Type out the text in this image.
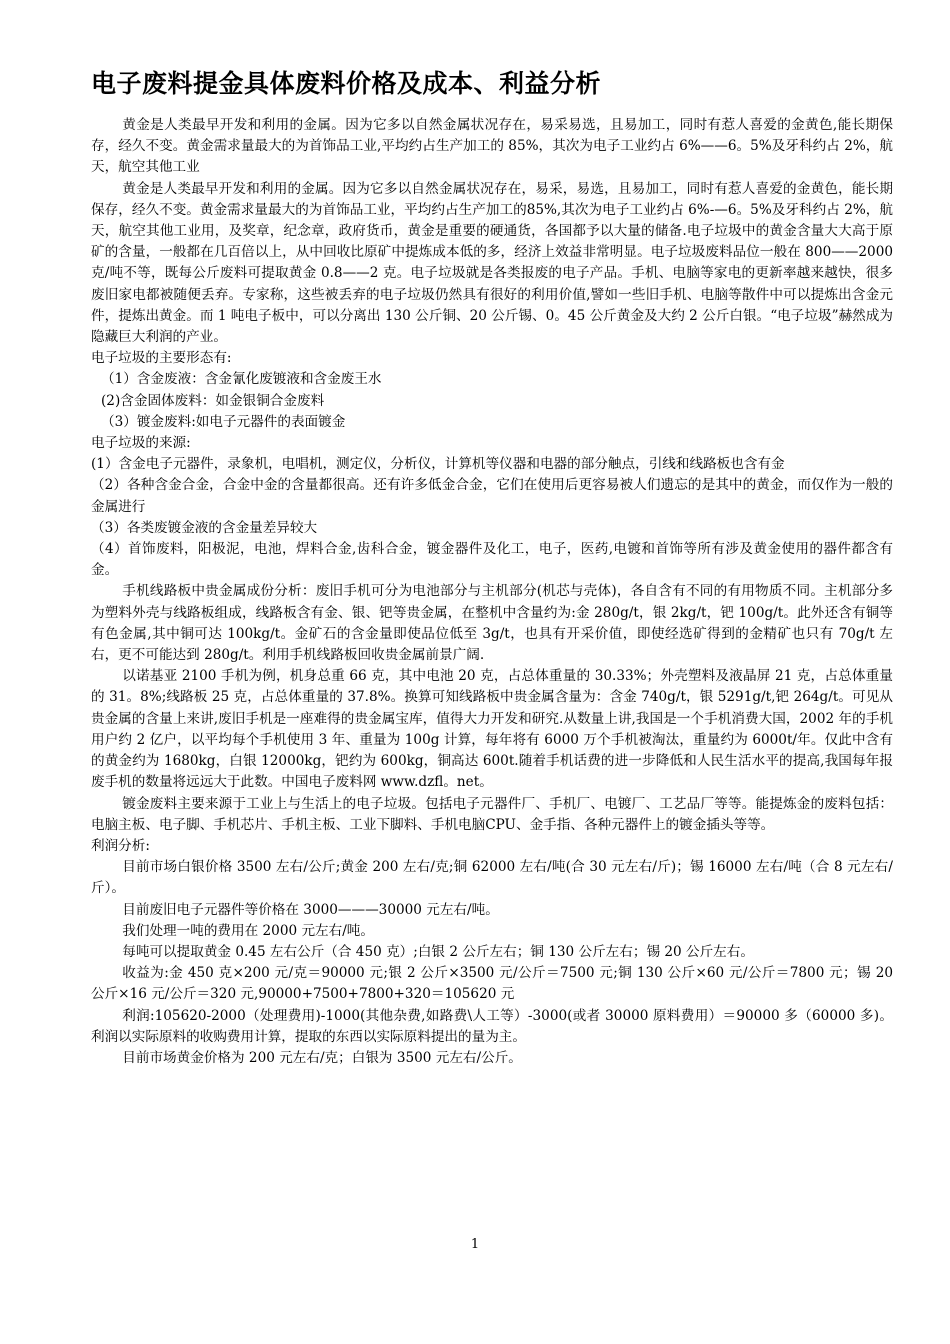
电子废料提金具体废料价格及成本、利益分析

黄金是人类最早开发和利用的金属。因为它多以自然金属状况存在，易采易选，且易加工，同时有惹人喜爱的金黄色,能长期保存，经久不变。黄金需求量最大的为首饰品工业,平均约占生产加工的 85%，其次为电子工业约占 6%——6。5%及牙科约占 2%，航天，航空其他工业

黄金是人类最早开发和利用的金属。因为它多以自然金属状况存在，易采，易选，且易加工，同时有惹人喜爱的金黄色，能长期保存，经久不变。黄金需求量最大的为首饰品工业，平均约占生产加工的85%,其次为电子工业约占 6%-—6。5%及牙科约占 2%，航天，航空其他工业用，及奖章，纪念章，政府货币，黄金是重要的硬通货，各国都予以大量的储备.电子垃圾中的黄金含量大大高于原矿的含量，一般都在几百倍以上，从中回收比原矿中提炼成本低的多，经济上效益非常明显。电子垃圾废料品位一般在 800——2000 克/吨不等，既每公斤废料可提取黄金 0.8——2 克。电子垃圾就是各类报废的电子产品。手机、电脑等家电的更新率越来越快，很多废旧家电都被随便丢弃。专家称，这些被丢弃的电子垃圾仍然具有很好的利用价值,譬如一些旧手机、电脑等散件中可以提炼出含金元件，提炼出黄金。而 1 吨电子板中，可以分离出 130 公斤铜、20 公斤锡、0。45 公斤黄金及大约 2 公斤白银。“电子垃圾”赫然成为隐藏巨大利润的产业。

电子垃圾的主要形态有:

（1）含金废液：含金氰化废镀液和含金废王水

(2)含金固体废料：如金银铜合金废料

（3）镀金废料:如电子元器件的表面镀金

电子垃圾的来源:

(1）含金电子元器件，录象机，电唱机，测定仪，分析仪，计算机等仪器和电器的部分触点，引线和线路板也含有金

（2）各种含金合金，合金中金的含量都很高。还有许多低金合金，它们在使用后更容易被人们遗忘的是其中的黄金，而仅作为一般的金属进行

（3）各类废镀金液的含金量差异较大

（4）首饰废料，阳极泥，电池，焊料合金,齿科合金，镀金器件及化工，电子，医药,电镀和首饰等所有涉及黄金使用的器件都含有金。

手机线路板中贵金属成份分析：废旧手机可分为电池部分与主机部分(机芯与壳体)，各自含有不同的有用物质不同。主机部分多为塑料外壳与线路板组成，线路板含有金、银、钯等贵金属，在整机中含量约为:金 280g/t，银 2kg/t，钯 100g/t。此外还含有铜等有色金属,其中铜可达 100kg/t。金矿石的含金量即使品位低至 3g/t，也具有开采价值，即使经选矿得到的金精矿也只有 70g/t 左右，更不可能达到 280g/t。利用手机线路板回收贵金属前景广阔.

以诺基亚 2100 手机为例，机身总重 66 克，其中电池 20 克，占总体重量的 30.33%；外壳塑料及液晶屏 21 克，占总体重量的 31。8%;线路板 25 克，占总体重量的 37.8%。换算可知线路板中贵金属含量为：含金 740g/t，银 5291g/t,钯 264g/t。可见从贵金属的含量上来讲,废旧手机是一座难得的贵金属宝库，值得大力开发和研究.从数量上讲,我国是一个手机消费大国，2002 年的手机用户约 2 亿户，以平均每个手机使用 3 年、重量为 100g 计算，每年将有 6000 万个手机被淘汰，重量约为 6000t/年。仅此中含有的黄金约为 1680kg，白银 12000kg，钯约为 600kg，铜高达 600t.随着手机话费的进一步降低和人民生活水平的提高,我国每年报废手机的数量将远远大于此数。中国电子废料网 www.dzfl。net。

镀金废料主要来源于工业上与生活上的电子垃圾。包括电子元器件厂、手机厂、电镀厂、工艺品厂等等。能提炼金的废料包括：电脑主板、电子脚、手机芯片、手机主板、工业下脚料、手机电脑CPU、金手指、各种元器件上的镀金插头等等。

利润分析:

目前市场白银价格 3500 左右/公斤;黄金 200 左右/克;铜 62000 左右/吨(合 30 元左右/斤)；锡 16000 左右/吨（合 8 元左右/斤）。

目前废旧电子元器件等价格在 3000———30000 元左右/吨。

我们处理一吨的费用在 2000 元左右/吨。

每吨可以提取黄金 0.45 左右公斤（合 450 克）;白银 2 公斤左右；铜 130 公斤左右；锡 20 公斤左右。

收益为:金 450 克×200 元/克＝90000 元;银 2 公斤×3500 元/公斤＝7500 元;铜 130 公斤×60 元/公斤＝7800 元；锡 20 公斤×16 元/公斤＝320 元,90000+7500+7800+320＝105620 元

利润:105620-2000（处理费用)-1000(其他杂费,如路费\人工等）-3000(或者 30000 原料费用）＝90000 多（60000 多)。利润以实际原料的收购费用计算，提取的东西以实际原料提出的量为主。

目前市场黄金价格为 200 元左右/克；白银为 3500 元左右/公斤。

1
